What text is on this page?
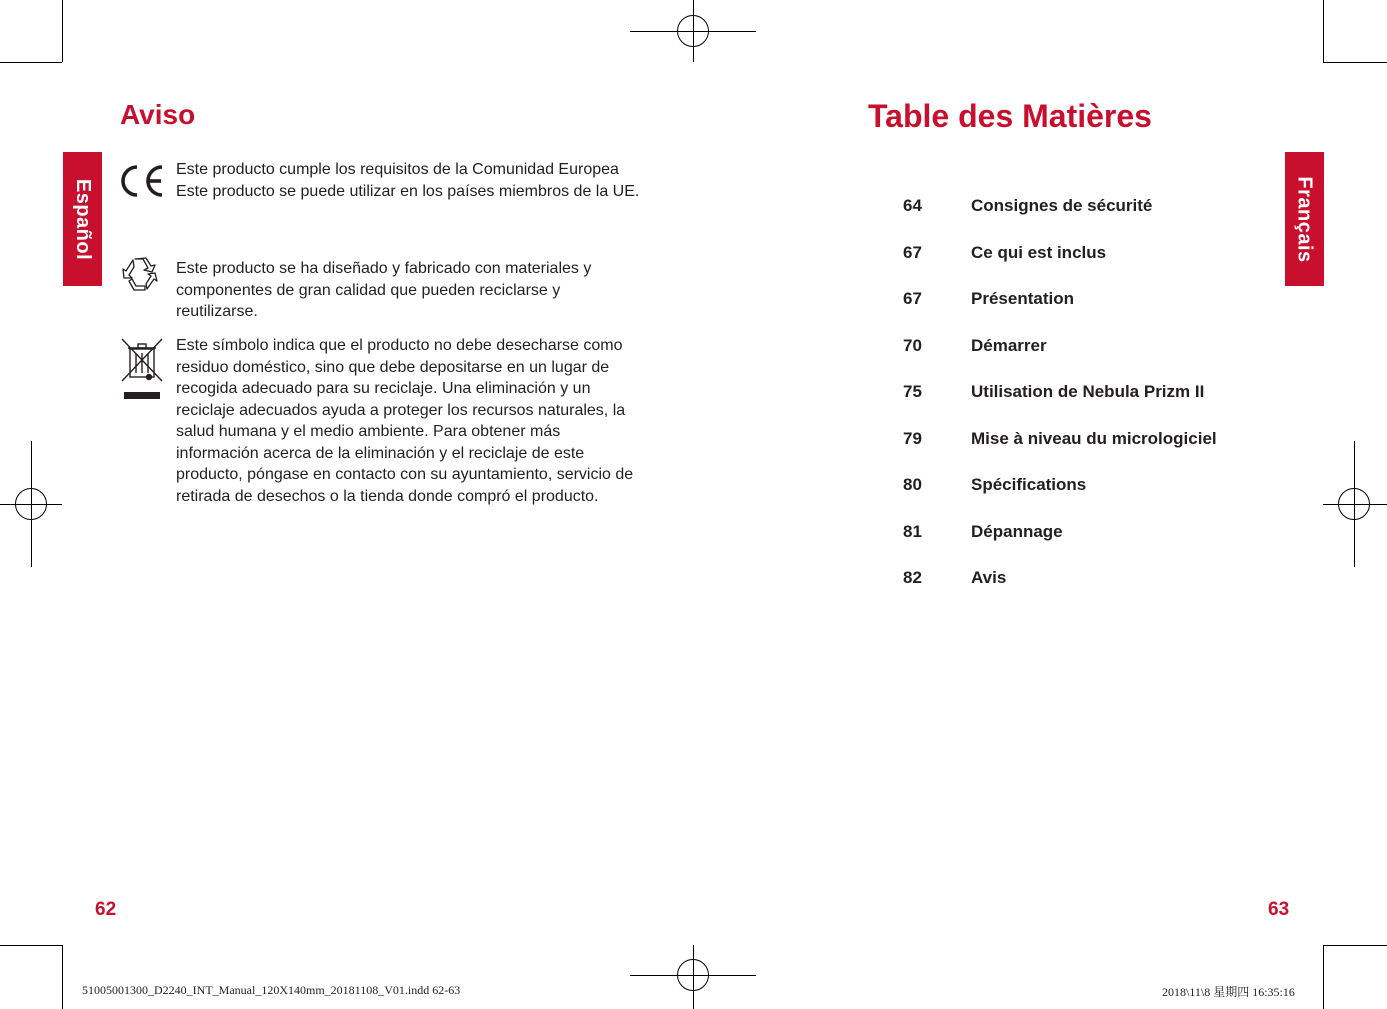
Español
Aviso

Este producto cumple los requisitos de la Comunidad Europea

Este producto se puede utilizar en los países miembros de la UE.

Este producto se ha diseñado y fabricado con materiales y componentes de gran calidad que pueden reciclarse y reutilizarse.

Este símbolo indica que el producto no debe desecharse como residuo doméstico, sino que debe depositarse en un lugar de recogida adecuado para su reciclaje. Una eliminación y un reciclaje adecuados ayuda a proteger los recursos naturales, la salud humana y el medio ambiente. Para obtener más información acerca de la eliminación y el reciclaje de este producto, póngase en contacto con su ayuntamiento, servicio de retirada de desechos o la tienda donde compró el producto.

62
Table des Matières
Français
64	Consignes de sécurité
67	Ce qui est inclus
67	Présentation
70	Démarrer
75	Utilisation de Nebula Prizm II
79	Mise à niveau du micrologiciel
80	Spécifications
81	Dépannage
82	Avis
63
51005001300_D2240_INT_Manual_120X140mm_20181108_V01.indd 62-63	2018\11\8 星期四 16:35:16
